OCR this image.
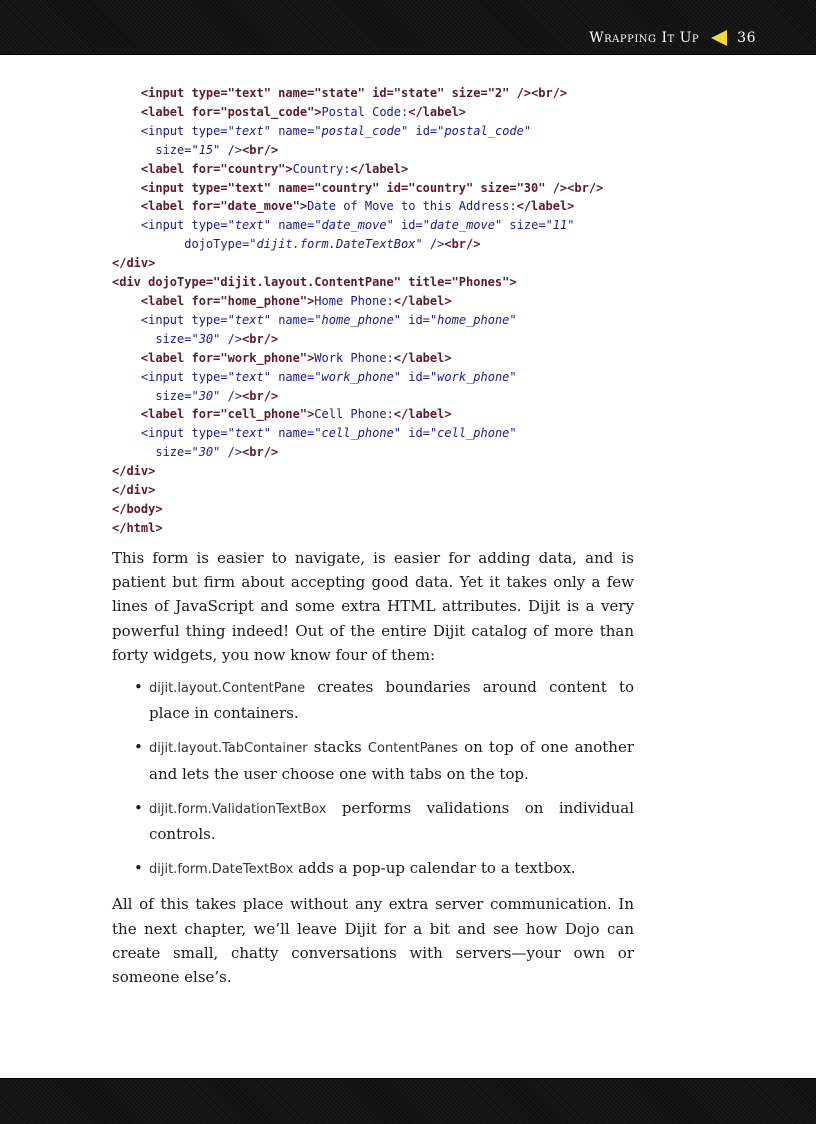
Wrapping It Up	36
<input type="text" name="state" id="state" size="2" /><br/>
<label for="postal_code">Postal Code:</label>
<input type="text" name="postal_code" id="postal_code"
size="15" /><br/>
<label for="country">Country:</label>
<input type="text" name="country" id="country" size="30" /><br/>
<label for="date_move">Date of Move to this Address:</label>
<input type="text" name="date_move" id="date_move" size="11"
dojoType="dijit.form.DateTextBox" /><br/>
</div>
<div dojoType="dijit.layout.ContentPane" title="Phones">
<label for="home_phone">Home Phone:</label>
<input type="text" name="home_phone" id="home_phone"
size="30" /><br/>
<label for="work_phone">Work Phone:</label>
<input type="text" name="work_phone" id="work_phone"
size="30" /><br/>
<label for="cell_phone">Cell Phone:</label>
<input type="text" name="cell_phone" id="cell_phone"
size="30" /><br/>
</div>
</div>
</body>
</html>

This form is easier to navigate, is easier for adding data, and is patient but firm about accepting good data. Yet it takes only a few lines of JavaScript and some extra HTML attributes. Dijit is a very powerful thing indeed! Out of the entire Dijit catalog of more than forty widgets, you now know four of them:

• dijit.layout.ContentPane creates boundaries around content to place in containers.
• dijit.layout.TabContainer stacks ContentPanes on top of one another and lets the user choose one with tabs on the top.
• dijit.form.ValidationTextBox performs validations on individual controls.
• dijit.form.DateTextBox adds a pop-up calendar to a textbox.

All of this takes place without any extra server communication. In the next chapter, we’ll leave Dijit for a bit and see how Dojo can create small, chatty conversations with servers—your own or someone else’s.
